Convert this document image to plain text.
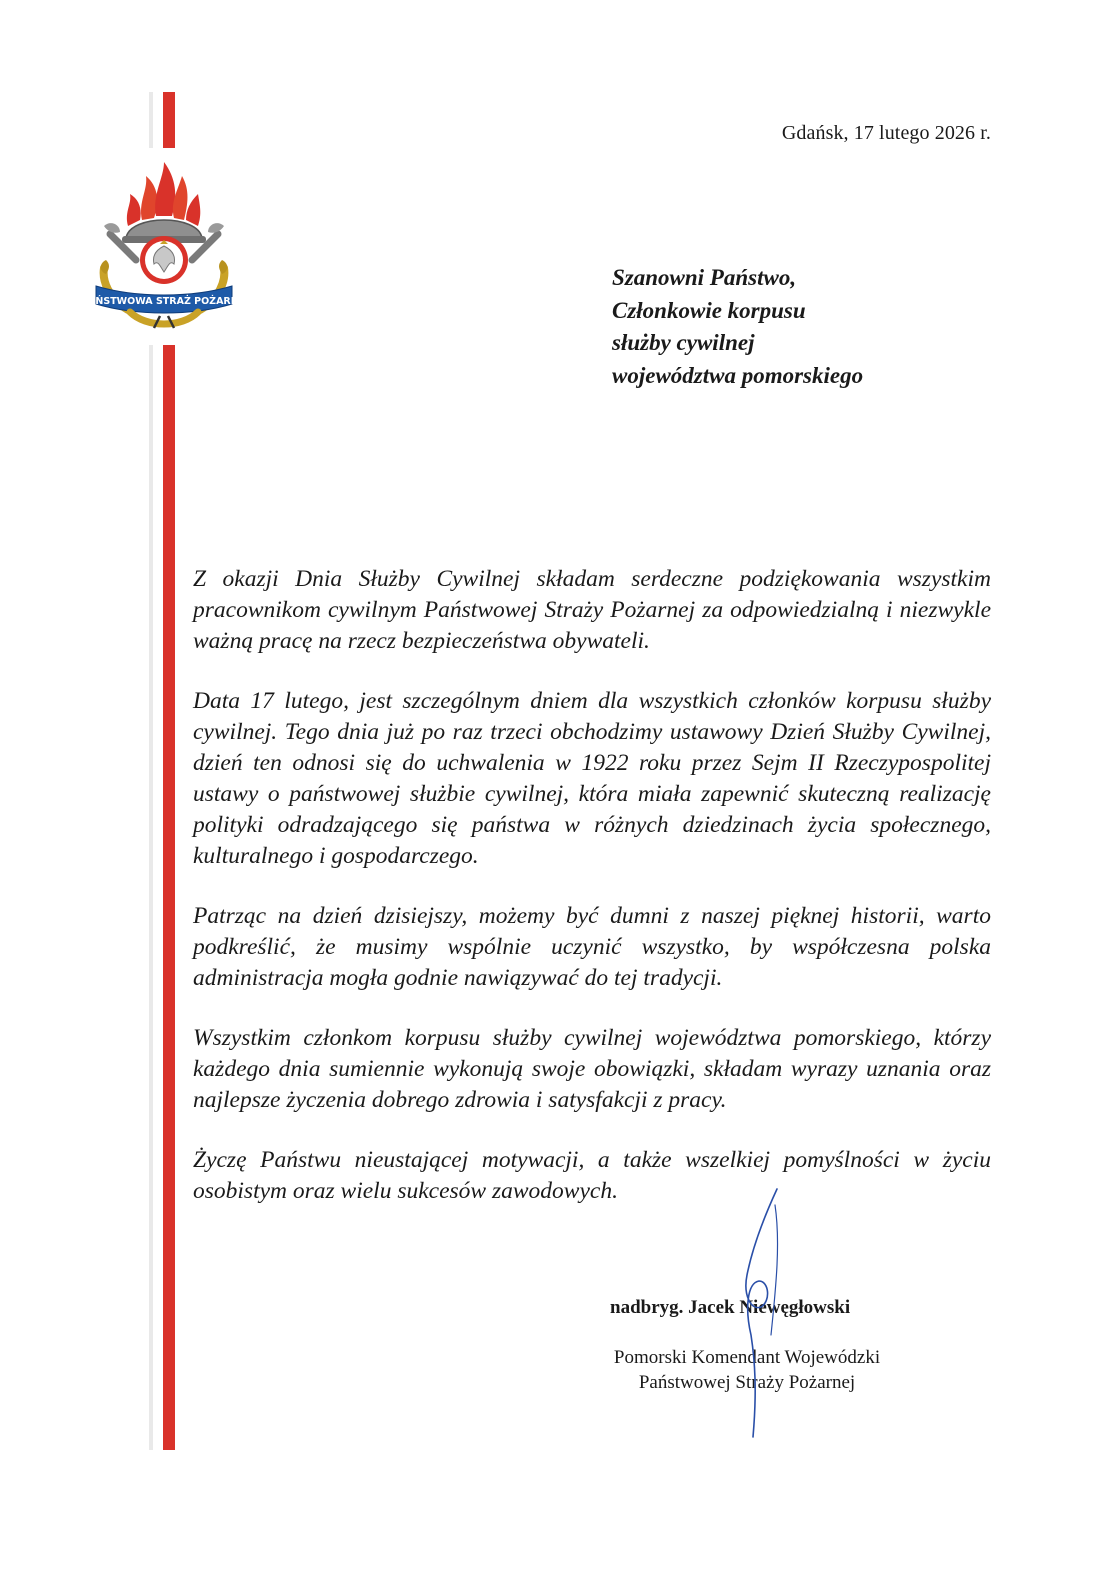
PAŃSTWOWA STRAŻ POŻARNA
Gdańsk, 17 lutego 2026 r.
Szanowni Państwo,
Członkowie korpusu
służby cywilnej
województwa pomorskiego

Z okazji Dnia Służby Cywilnej składam serdeczne podziękowania wszystkim pracownikom cywilnym Państwowej Straży Pożarnej za odpowiedzialną i niezwykle ważną pracę na rzecz bezpieczeństwa obywateli.

Data 17 lutego, jest szczególnym dniem dla wszystkich członków korpusu służby cywilnej. Tego dnia już po raz trzeci obchodzimy ustawowy Dzień Służby Cywilnej, dzień ten odnosi się do uchwalenia w 1922 roku przez Sejm II Rzeczypospolitej ustawy o państwowej służbie cywilnej, która miała zapewnić skuteczną realizację polityki odradzającego się państwa w różnych dziedzinach życia społecznego, kulturalnego i gospodarczego.

Patrząc na dzień dzisiejszy, możemy być dumni z naszej pięknej historii, warto podkreślić, że musimy wspólnie uczynić wszystko, by współczesna polska administracja mogła godnie nawiązywać do tej tradycji.

Wszystkim członkom korpusu służby cywilnej województwa pomorskiego, którzy każdego dnia sumiennie wykonują swoje obowiązki, składam wyrazy uznania oraz najlepsze życzenia dobrego zdrowia i satysfakcji z pracy.

Życzę Państwu nieustającej motywacji, a także wszelkiej pomyślności w życiu osobistym oraz wielu sukcesów zawodowych.

nadbryg. Jacek Niewęgłowski
Pomorski Komendant Wojewódzki
Państwowej Straży Pożarnej
